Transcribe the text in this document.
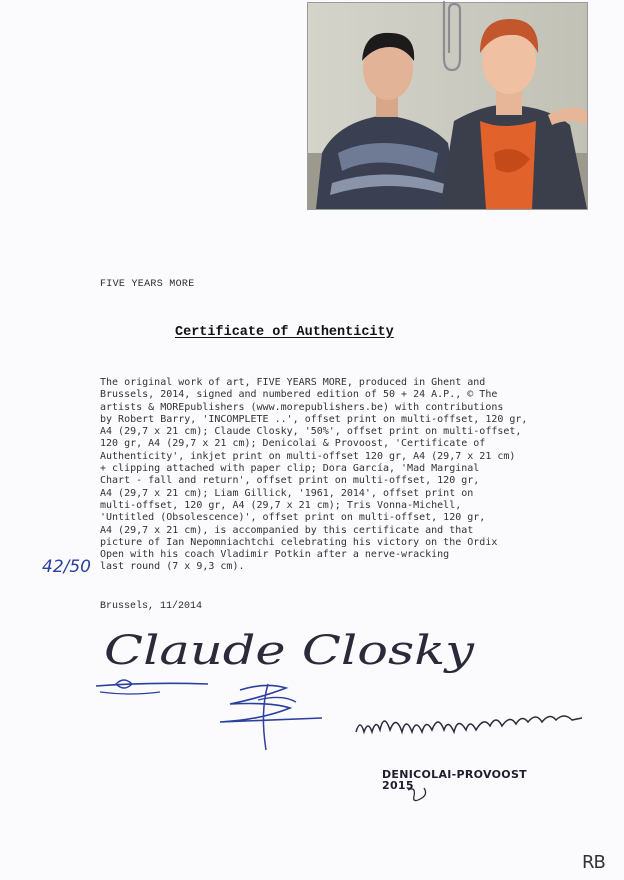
FIVE YEARS MORE
Certificate of Authenticity
The original work of art, FIVE YEARS MORE, produced in Ghent and
Brussels, 2014, signed and numbered edition of 50 + 24 A.P., © The
artists & MOREpublishers (www.morepublishers.be) with contributions
by Robert Barry, 'INCOMPLETE ..', offset print on multi-offset, 120 gr,
A4 (29,7 x 21 cm); Claude Closky, '50%', offset print on multi-offset,
120 gr, A4 (29,7 x 21 cm); Denicolai & Provoost, 'Certificate of
Authenticity', inkjet print on multi-offset 120 gr, A4 (29,7 x 21 cm)
+ clipping attached with paper clip; Dora García, 'Mad Marginal
Chart - fall and return', offset print on multi-offset, 120 gr,
A4 (29,7 x 21 cm); Liam Gillick, '1961, 2014', offset print on
multi-offset, 120 gr, A4 (29,7 x 21 cm); Tris Vonna-Michell,
'Untitled (Obsolescence)', offset print on multi-offset, 120 gr,
A4 (29,7 x 21 cm), is accompanied by this certificate and that
picture of Ian Nepomniachtchi celebrating his victory on the Ordix
Open with his coach Vladimir Potkin after a nerve-wracking
last round (7 x 9,3 cm).
42/50
Brussels, 11/2014
Claude Closky
DENICOLAI-PROVOOST
2015
RB
